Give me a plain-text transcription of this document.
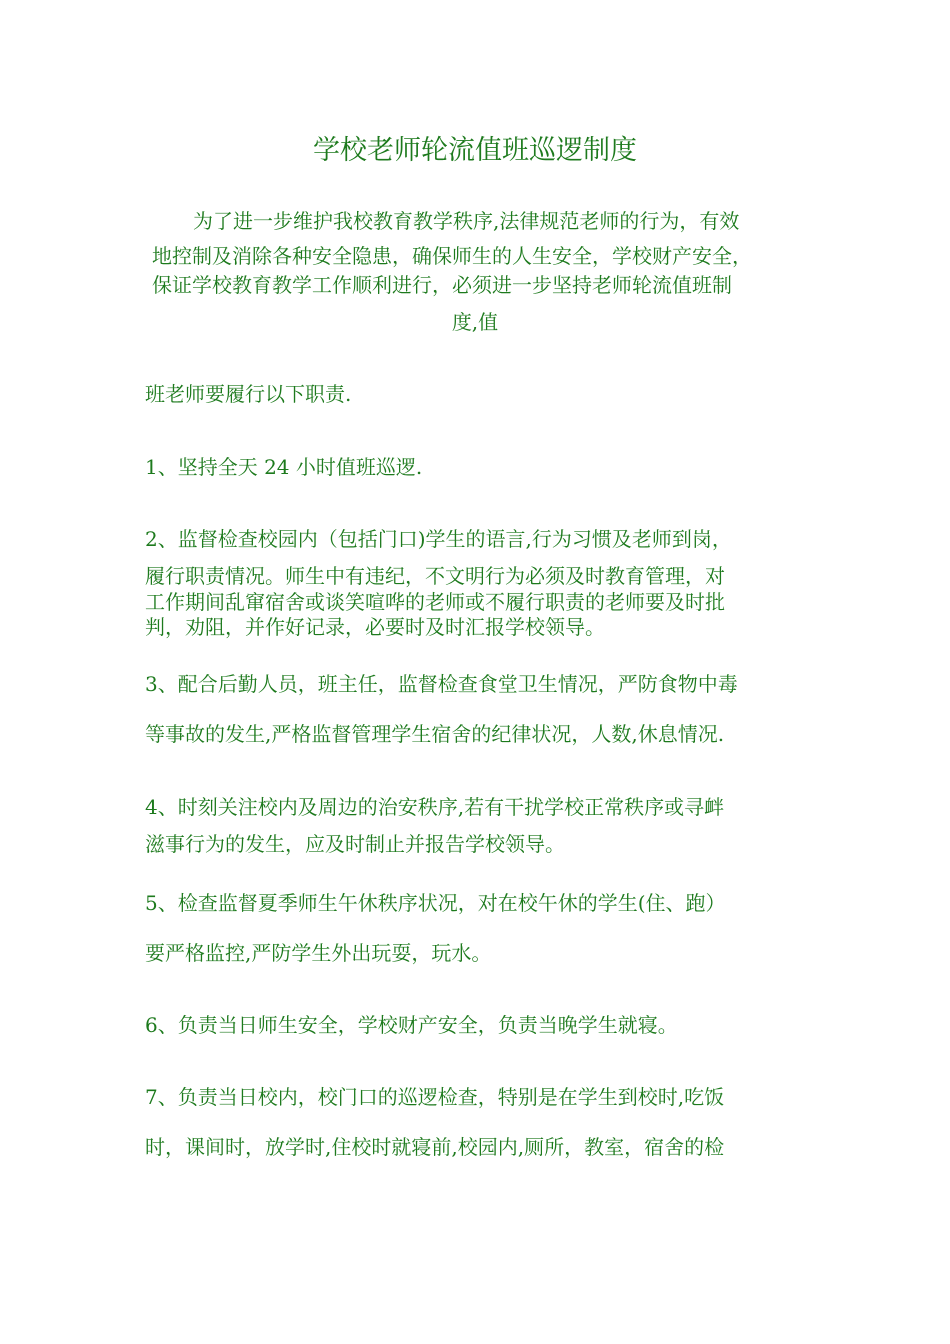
学校老师轮流值班巡逻制度
为了进一步维护我校教育教学秩序,法律规范老师的行为，有效
地控制及消除各种安全隐患，确保师生的人生安全，学校财产安全，
保证学校教育教学工作顺利进行，必须进一步坚持老师轮流值班制
度,值
班老师要履行以下职责.
1、坚持全天 24 小时值班巡逻.
2、监督检查校园内（包括门口)学生的语言,行为习惯及老师到岗，
履行职责情况。师生中有违纪，不文明行为必须及时教育管理，对
工作期间乱窜宿舍或谈笑喧哗的老师或不履行职责的老师要及时批
判，劝阻，并作好记录，必要时及时汇报学校领导。
3、配合后勤人员，班主任，监督检查食堂卫生情况，严防食物中毒
等事故的发生,严格监督管理学生宿舍的纪律状况，人数,休息情况.
4、时刻关注校内及周边的治安秩序,若有干扰学校正常秩序或寻衅
滋事行为的发生，应及时制止并报告学校领导。
5、检查监督夏季师生午休秩序状况，对在校午休的学生(住、跑）
要严格监控,严防学生外出玩耍，玩水。
6、负责当日师生安全，学校财产安全，负责当晚学生就寝。
7、负责当日校内，校门口的巡逻检查，特别是在学生到校时,吃饭
时，课间时，放学时,住校时就寝前,校园内,厕所，教室，宿舍的检
